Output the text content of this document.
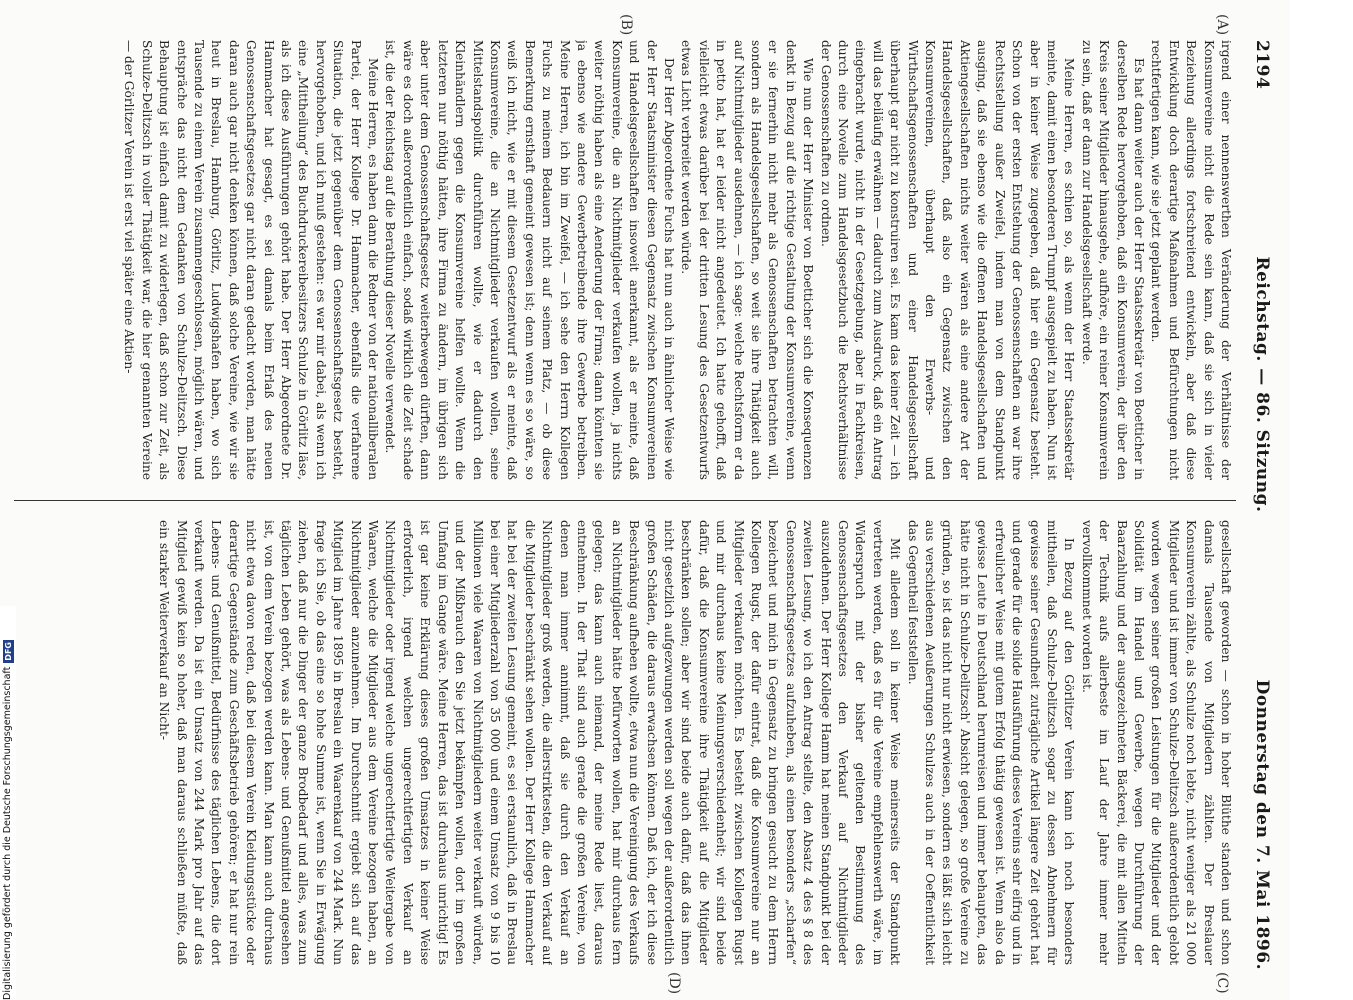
2194
Reichstag. — 86. Sitzung.
Donnerstag den 7. Mai 1896.
(A)
(B)
(C)
(D)

irgend einer nennenswerthen Veränderung der Verhältnisse der Konsumvereine nicht die Rede sein kann, daß sie sich in vieler Beziehung allerdings fortschreitend entwickeln, aber daß diese Entwicklung doch derartige Maßnahmen und Befürchtungen nicht rechtfertigen kann, wie sie jetzt geplant werden.

Es hat dann weiter auch der Herr Staatssekretär von Boetticher in derselben Rede hervorgehoben, daß ein Konsumverein, der über den Kreis seiner Mitglieder hinausgehe, aufhöre, ein reiner Konsumverein zu sein, daß er dann zur Handelsgesellschaft werde.

Meine Herren, es schien so, als wenn der Herr Staatssekretär meinte, damit einen besonderen Trumpf ausgespielt zu haben. Nun ist aber in keiner Weise zugegeben, daß hier ein Gegensatz besteht. Schon von der ersten Entstehung der Genossenschaften an war ihre Rechtsstellung außer Zweifel, indem man von dem Standpunkt ausging, daß sie ebenso wie die offenen Handelsgesellschaften und Aktiengesellschaften nichts weiter wären als eine andere Art der Handelsgesellschaften, daß also ein Gegensatz zwischen den Konsumvereinen, überhaupt den Erwerbs- und Wirthschaftsgenossenschaften und einer Handelsgesellschaft überhaupt gar nicht zu konstruiren sei. Es kam das keiner Zeit — ich will das beiläufig erwähnen — dadurch zum Ausdruck, daß ein Antrag eingebracht wurde, nicht in der Gesetzgebung, aber in Fachkreisen, durch eine Novelle zum Handelsgesetzbuch die Rechtsverhältnisse der Genossenschaften zu ordnen.

Wie nun der Herr Minister von Boetticher sich die Konsequenzen denkt in Bezug auf die richtige Gestaltung der Konsumvereine, wenn er sie fernerhin nicht mehr als Genossenschaften betrachten will, sondern als Handelsgesellschaften, so weit sie ihre Thätigkeit auch auf Nichtmitglieder ausdehnen, — ich sage: welche Rechtsform er da in petto hat, hat er leider nicht angedeutet. Ich hatte gehofft, daß vielleicht etwas darüber bei der dritten Lesung des Gesetzentwurfs etwas Licht verbreitet werden würde.

Der Herr Abgeordnete Fuchs hat nun auch in ähnlicher Weise wie der Herr Staatsminister diesen Gegensatz zwischen Konsumvereinen und Handelsgesellschaften insoweit anerkannt, als er meinte, daß Konsumvereine, die an Nichtmitglieder verkaufen wollen, ja nichts weiter nöthig haben als eine Aenderung der Firma; dann könnten sie ja ebenso wie andere Gewerbetreibende ihre Gewerbe betreiben. Meine Herren, ich bin im Zweifel, — ich sehe den Herrn Kollegen Fuchs zu meinem Bedauern nicht auf seinem Platz, — ob diese Bemerkung ernsthaft gemeint gewesen ist; denn wenn es so wäre, so weiß ich nicht, wie er mit diesem Gesetzentwurf als er meinte, daß Konsumvereine, die an Nichtmitglieder verkaufen wollen, seine Mittelstandspolitik durchführen wollte, wie er dadurch den Kleinhändlern gegen die Konsumvereine helfen wollte. Wenn die letzteren nur nöthig hätten, ihre Firma zu ändern, im übrigen sich aber unter dem Genossenschaftsgesetz weiterbewegen dürften, dann wäre es doch außerordentlich einfach, sodaß wirklich die Zeit schade ist, die der Reichstag auf die Berathung dieser Novelle verwendet.

Meine Herren, es haben dann die Redner von der nationalliberalen Partei, der Herr Kollege Dr. Hammacher, ebenfalls die verfahrene Situation, die jetzt gegenüber dem Genossenschaftsgesetz besteht, hervorgehoben, und ich muß gestehen: es war mir dabei, als wenn ich eine „Mittheilung“ des Buchdruckereibesitzers Schulze in Görlitz läse, als ich diese Ausführungen gehört habe. Der Herr Abgeordnete Dr. Hammacher hat gesagt, es sei damals beim Erlaß des neuen Genossenschaftsgesetzes gar nicht daran gedacht worden, man hätte daran auch gar nicht denken können, daß solche Vereine, wie wir sie heut in Breslau, Hamburg, Görlitz, Ludwigshafen haben, wo sich Tausende zu einem Verein zusammengeschlossen, möglich wären, und entspräche das nicht dem Gedanken von Schulze-Delitzsch. Diese Behauptung ist einfach damit zu widerlegen, daß schon zur Zeit, als Schulze-Delitzsch in voller Thätigkeit war, die hier genannten Vereine — der Görlitzer Verein ist erst viel später eine Aktien-

gesellschaft geworden — schon in hoher Blüthe standen und schon damals Tausende von Mitgliedern zählten. Der Breslauer Konsumverein zählte, als Schulze noch lebte, nicht weniger als 21 000 Mitglieder und ist immer von Schulze-Delitzsch außerordentlich gelobt worden wegen seiner großen Leistungen für die Mitglieder und der Solidität im Handel und Gewerbe, wegen Durchführung der Baarzahlung und der ausgezeichneten Bäckerei, die mit allen Mitteln der Technik aufs allerbeste im Lauf der Jahre immer mehr vervollkommnet worden ist.

In Bezug auf den Görlitzer Verein kann ich noch besonders mittheilen, daß Schulze-Delitzsch sogar zu dessen Abnehmern für gewisse seiner Gesundheit zuträgliche Artikel längere Zeit gehört hat und gerade für die solide Hausführung dieses Vereins sehr eifrig und in erfreulicher Weise mit gutem Erfolg thätig gewesen ist. Wenn also da gewisse Leute in Deutschland herumreisen und immer behaupten, das hätte nicht in Schulze-Delitzsch' Absicht gelegen, so große Vereine zu gründen, so ist das nicht nur nicht erwiesen, sondern es läßt sich leicht aus verschiedenen Aeußerungen Schulzes auch in der Oeffentlichkeit das Gegentheil feststellen.

Mit alledem soll in keiner Weise meinerseits der Standpunkt vertreten werden, daß es für die Vereine empfehlenswerth wäre, im Widerspruch mit der bisher geltenden Bestimmung des Genossenschaftsgesetzes den Verkauf auf Nichtmitglieder auszudehnen. Der Herr Kollege Hamm hat meinen Standpunkt bei der zweiten Lesung, wo ich den Antrag stellte, den Absatz 4 des § 8 des Genossenschaftsgesetzes aufzuheben, als einen besonders „scharfen“ bezeichnet und mich in Gegensatz zu bringen gesucht zu dem Herrn Kollegen Rugst, der dafür eintrat, daß die Konsumvereine nur an Mitglieder verkaufen möchten. Es besteht zwischen Kollegen Rugst und mir durchaus keine Meinungsverschiedenheit; wir sind beide dafür, daß die Konsumvereine ihre Thätigkeit auf die Mitglieder beschränken sollen; aber wir sind beide auch dafür, daß das ihnen nicht gesetzlich aufgezwungen werden soll wegen der außerordentlich großen Schäden, die daraus erwachsen können. Daß ich, der ich diese Beschränkung aufheben wollte, etwa nun die Vereinigung des Verkaufs an Nichtmitglieder hätte befürworten wollen, hat mir durchaus fern gelegen; das kann auch niemand, der meine Rede liest, daraus entnehmen. In der That sind auch gerade die großen Vereine, von denen man immer annimmt, daß sie durch den Verkauf an Nichtmitglieder groß werden, die allerstriktesten, die den Verkauf auf die Mitglieder beschränkt sehen wollen. Der Herr Kollege Hammacher hat bei der zweiten Lesung gemeint, es sei erstaunlich, daß in Breslau bei einer Mitgliederzahl von 35 000 und einem Umsatz von 9 bis 10 Millionen viele Waaren von Nichtmitgliedern weiter verkauft würden, und der Mißbrauch den Sie jetzt bekämpfen wollen, dort im großen Umfang im Gange wäre. Meine Herren, das ist durchaus unrichtig! Es ist gar keine Erklärung dieses großen Umsatzes in keiner Weise erforderlich, irgend welchen ungerechtfertigten Verkauf an Nichtmitglieder oder irgend welche ungerechtfertigte Weitergabe von Waaren, welche die Mitglieder aus dem Vereine bezogen haben, an Nichtmitglieder anzunehmen. Im Durchschnitt ergiebt sich auf das Mitglied im Jahre 1895 in Breslau ein Waarenkauf von 244 Mark. Nun frage ich Sie, ob das eine so hohe Summe ist, wenn Sie in Erwägung ziehen, daß nur die Dinger der ganze Brodbedarf und alles, was zum täglichen Leben gehört, was als Lebens- und Genußmittel angesehen ist, von dem Verein bezogen werden kann. Man kann auch durchaus nicht etwa davon reden, daß bei diesem Verein Kleidungsstücke oder derartige Gegenstände zum Geschäftsbetrieb gehören; er hat nur rein Lebens- und Genußmittel, Bedürfnisse des täglichen Lebens, die dort verkauft werden. Da ist ein Umsatz von 244 Mark pro Jahr auf das Mitglied gewiß kein so hoher, daß man daraus schließen müßte, daß ein starker Weiterverkauf an Nicht-

Digitalisierung gefördert durch die Deutsche Forschungsgemeinschaft
DFG
